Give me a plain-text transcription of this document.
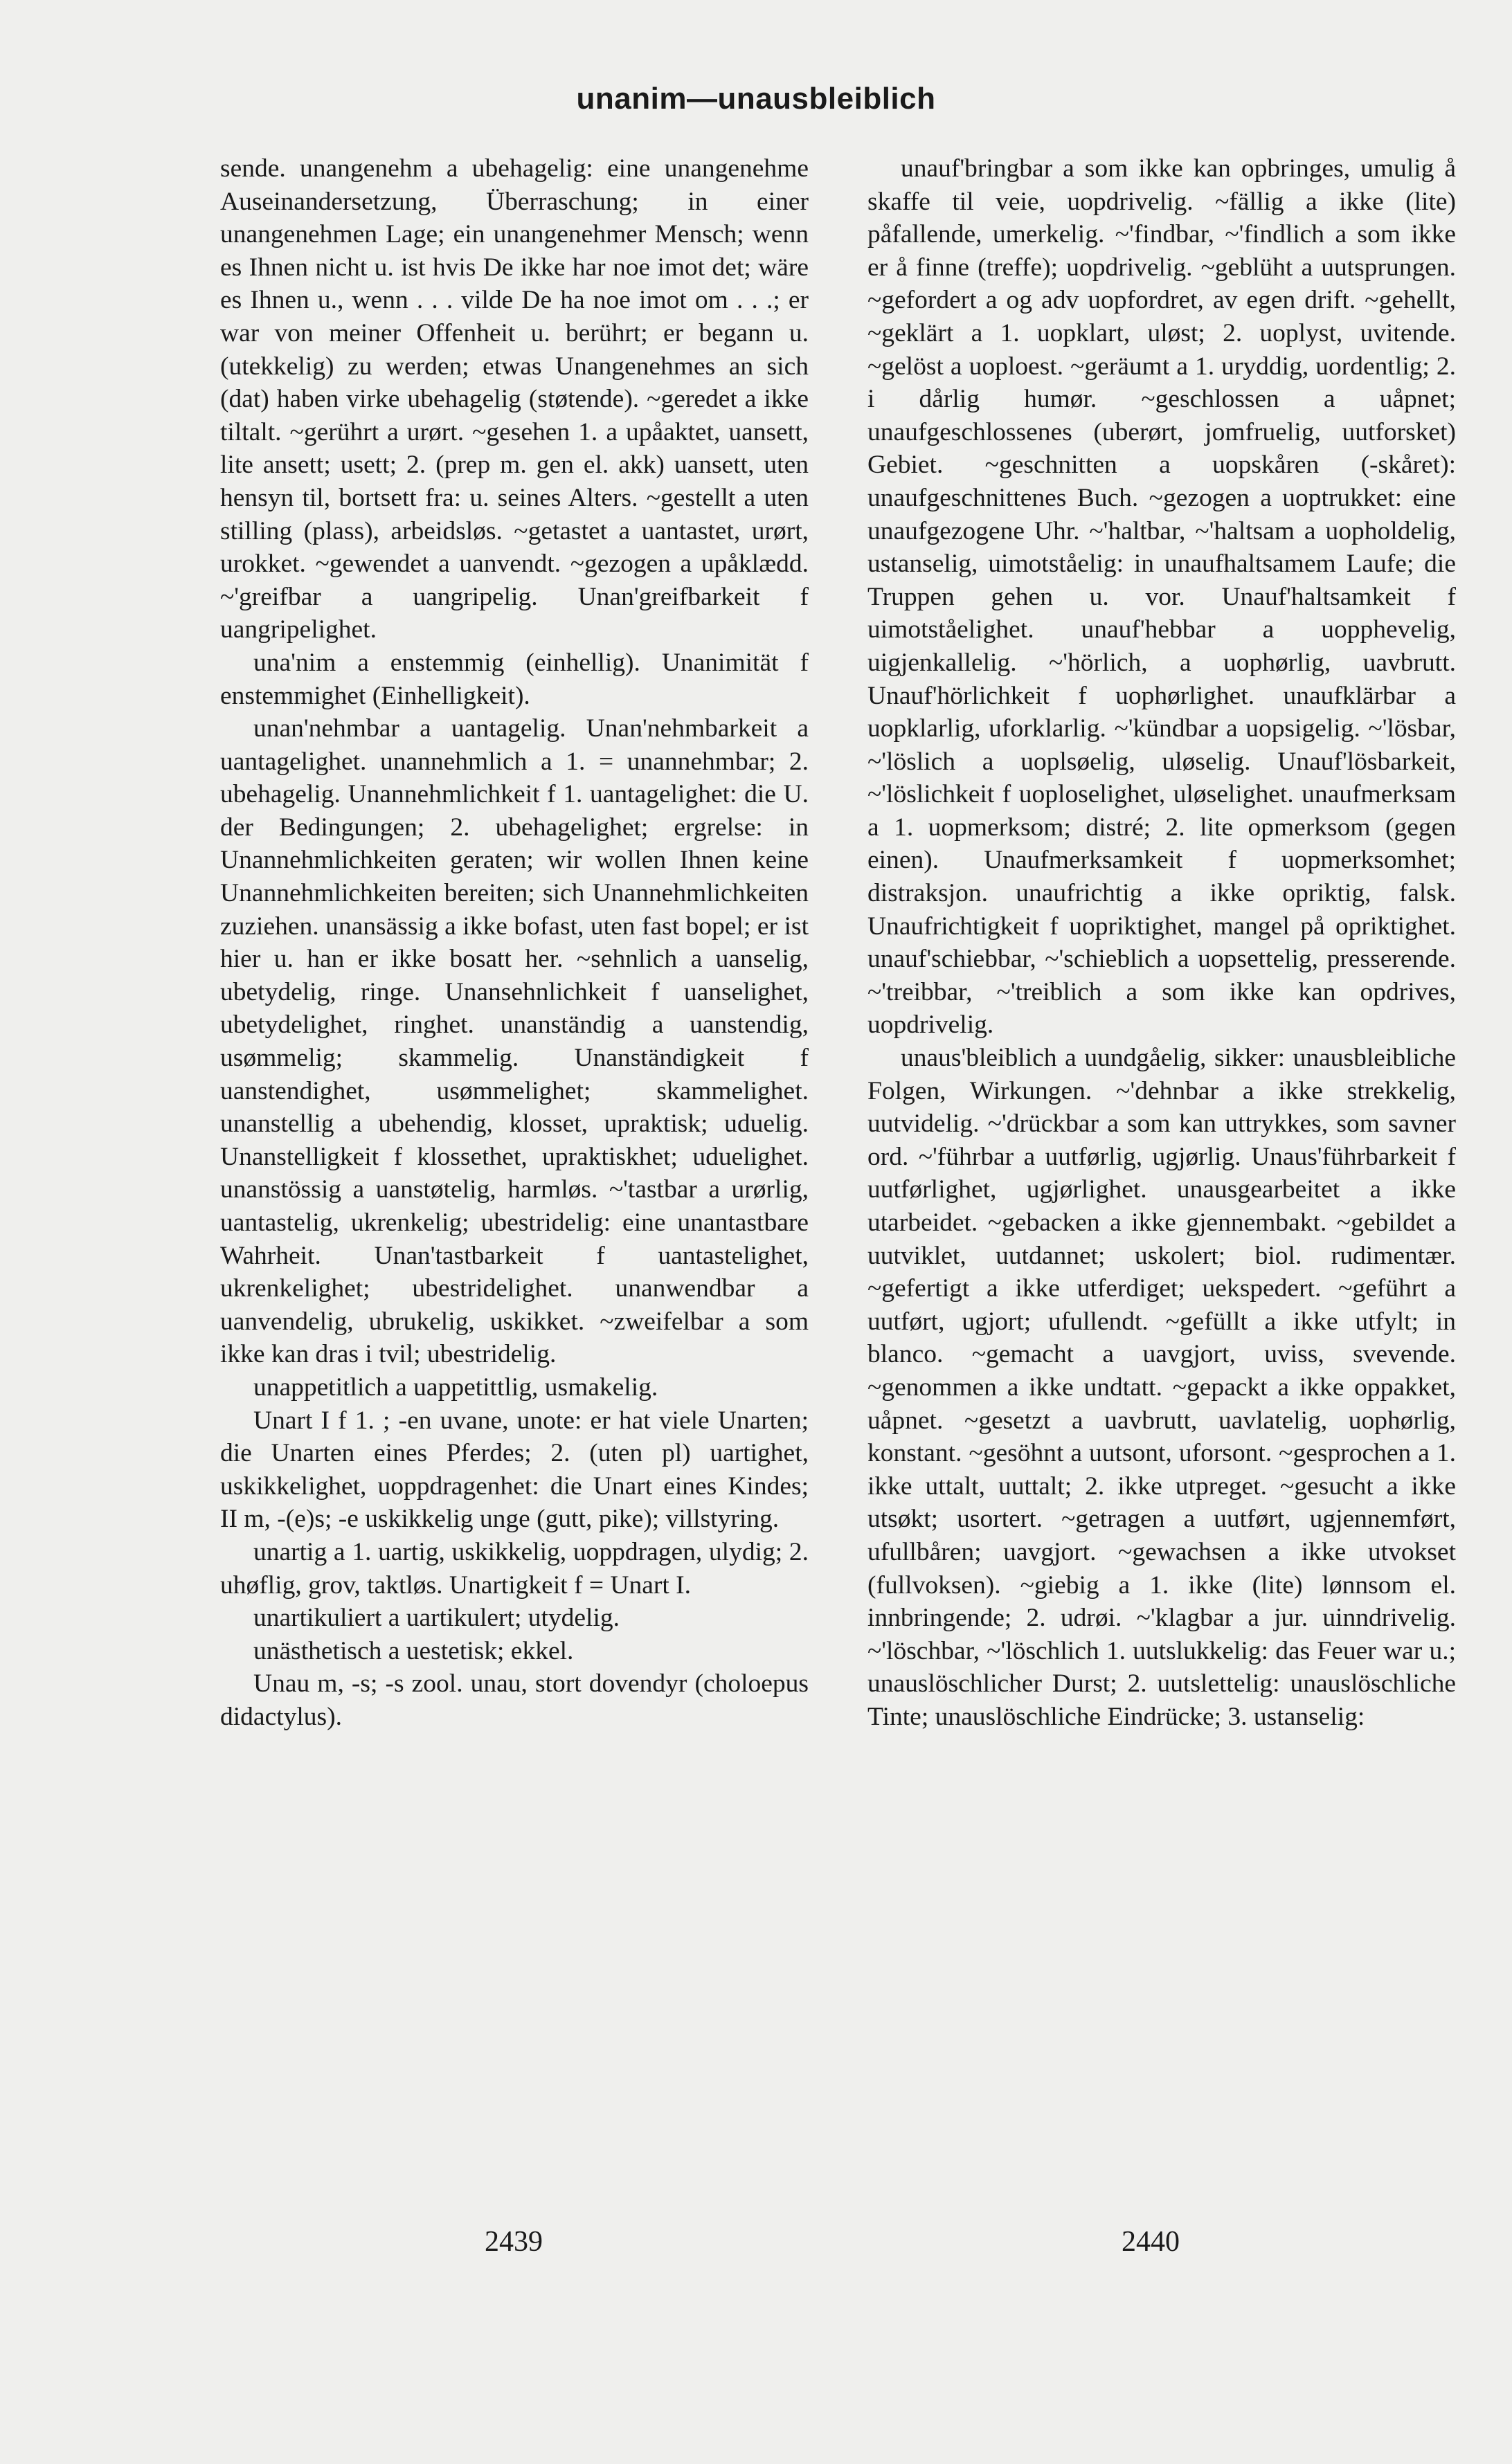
unanim—unausbleiblich

sende. unangenehm a ubehagelig: eine unangenehme Auseinandersetzung, Überraschung; in einer unangenehmen Lage; ein unangenehmer Mensch; wenn es Ihnen nicht u. ist hvis De ikke har noe imot det; wäre es Ihnen u., wenn . . . vilde De ha noe imot om . . .; er war von meiner Offenheit u. berührt; er begann u. (utekkelig) zu werden; etwas Unangenehmes an sich (dat) haben virke ubehagelig (støtende). ~geredet a ikke tiltalt. ~gerührt a urørt. ~gesehen 1. a upåaktet, uansett, lite ansett; usett; 2. (prep m. gen el. akk) uansett, uten hensyn til, bortsett fra: u. seines Alters. ~gestellt a uten stilling (plass), arbeidsløs. ~getastet a uantastet, urørt, urokket. ~gewendet a uanvendt. ~gezogen a upåklædd. ~'greifbar a uangripelig. Unan'greifbarkeit f uangripelighet.

una'nim a enstemmig (einhellig). Unanimität f enstemmighet (Einhelligkeit).

unan'nehmbar a uantagelig. Unan'nehmbarkeit a uantagelighet. unannehmlich a 1. = unannehmbar; 2. ubehagelig. Unannehmlichkeit f 1. uantagelighet: die U. der Bedingungen; 2. ubehagelighet; ergrelse: in Unannehmlichkeiten geraten; wir wollen Ihnen keine Unannehmlichkeiten bereiten; sich Unannehmlichkeiten zuziehen. unansässig a ikke bofast, uten fast bopel; er ist hier u. han er ikke bosatt her. ~sehnlich a uanselig, ubetydelig, ringe. Unansehnlichkeit f uanselighet, ubetydelighet, ringhet. unanständig a uanstendig, usømmelig; skammelig. Unanständigkeit f uanstendighet, usømmelighet; skammelighet. unanstellig a ubehendig, klosset, upraktisk; uduelig. Unanstelligkeit f klossethet, upraktiskhet; uduelighet. unanstössig a uanstøtelig, harmløs. ~'tastbar a urørlig, uantastelig, ukrenkelig; ubestridelig: eine unantastbare Wahrheit. Unan'tastbarkeit f uantastelighet, ukrenkelighet; ubestridelighet. unanwendbar a uanvendelig, ubrukelig, uskikket. ~zweifelbar a som ikke kan dras i tvil; ubestridelig.

unappetitlich a uappetittlig, usmakelig.

Unart I f 1. ; -en uvane, unote: er hat viele Unarten; die Unarten eines Pferdes; 2. (uten pl) uartighet, uskikkelighet, uoppdragenhet: die Unart eines Kindes; II m, -(e)s; -e uskikkelig unge (gutt, pike); villstyring.

unartig a 1. uartig, uskikkelig, uoppdragen, ulydig; 2. uhøflig, grov, taktløs. Unartigkeit f = Unart I.

unartikuliert a uartikulert; utydelig.

unästhetisch a uestetisk; ekkel.

Unau m, -s; -s zool. unau, stort dovendyr (choloepus didactylus).

unauf'bringbar a som ikke kan opbringes, umulig å skaffe til veie, uopdrivelig. ~fällig a ikke (lite) påfallende, umerkelig. ~'findbar, ~'findlich a som ikke er å finne (treffe); uopdrivelig. ~geblüht a uutsprungen. ~gefordert a og adv uopfordret, av egen drift. ~gehellt, ~geklärt a 1. uopklart, uløst; 2. uoplyst, uvitende. ~gelöst a uoploest. ~geräumt a 1. uryddig, uordentlig; 2. i dårlig humør. ~geschlossen a uåpnet; unaufgeschlossenes (uberørt, jomfruelig, uutforsket) Gebiet. ~geschnitten a uopskåren (-skåret): unaufgeschnittenes Buch. ~gezogen a uoptrukket: eine unaufgezogene Uhr. ~'haltbar, ~'haltsam a uopholdelig, ustanselig, uimotståelig: in unaufhaltsamem Laufe; die Truppen gehen u. vor. Unauf'haltsamkeit f uimotståelighet. unauf'hebbar a uopphevelig, uigjenkallelig. ~'hörlich, a uophørlig, uavbrutt. Unauf'hörlichkeit f uophørlighet. unaufklärbar a uopklarlig, uforklarlig. ~'kündbar a uopsigelig. ~'lösbar, ~'löslich a uoplsøelig, uløselig. Unauf'lösbarkeit, ~'löslichkeit f uoploselighet, uløselighet. unaufmerksam a 1. uopmerksom; distré; 2. lite opmerksom (gegen einen). Unaufmerksamkeit f uopmerksomhet; distraksjon. unaufrichtig a ikke opriktig, falsk. Unaufrichtigkeit f uopriktighet, mangel på opriktighet. unauf'schiebbar, ~'schieblich a uopsettelig, presserende. ~'treibbar, ~'treiblich a som ikke kan opdrives, uopdrivelig.

unaus'bleiblich a uundgåelig, sikker: unausbleibliche Folgen, Wirkungen. ~'dehnbar a ikke strekkelig, uutvidelig. ~'drückbar a som kan uttrykkes, som savner ord. ~'führbar a uutførlig, ugjørlig. Unaus'führbarkeit f uutførlighet, ugjørlighet. unausgearbeitet a ikke utarbeidet. ~gebacken a ikke gjennembakt. ~gebildet a uutviklet, uutdannet; uskolert; biol. rudimentær. ~gefertigt a ikke utferdiget; uekspedert. ~geführt a uutført, ugjort; ufullendt. ~gefüllt a ikke utfylt; in blanco. ~gemacht a uavgjort, uviss, svevende. ~genommen a ikke undtatt. ~gepackt a ikke oppakket, uåpnet. ~gesetzt a uavbrutt, uavlatelig, uophørlig, konstant. ~gesöhnt a uutsont, uforsont. ~gesprochen a 1. ikke uttalt, uuttalt; 2. ikke utpreget. ~gesucht a ikke utsøkt; usortert. ~getragen a uutført, ugjennemført, ufullbåren; uavgjort. ~gewachsen a ikke utvokset (fullvoksen). ~giebig a 1. ikke (lite) lønnsom el. innbringende; 2. udrøi. ~'klagbar a jur. uinndrivelig. ~'löschbar, ~'löschlich 1. uutslukkelig: das Feuer war u.; unauslöschlicher Durst; 2. uutslettelig: unauslöschliche Tinte; unauslöschliche Eindrücke; 3. ustanselig:

2439	2440
